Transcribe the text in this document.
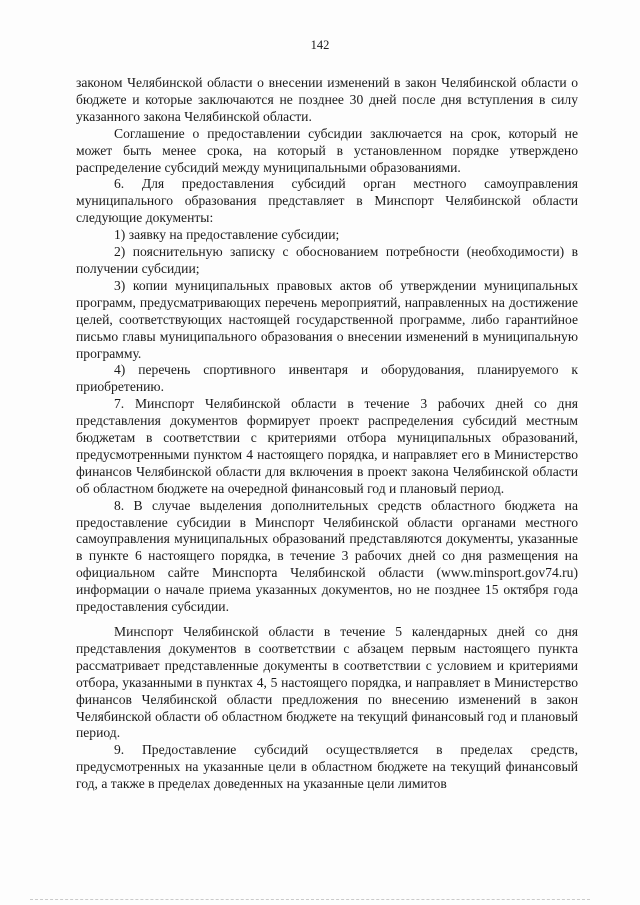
142

законом Челябинской области о внесении изменений в закон Челябинской области о бюджете и которые заключаются не позднее 30 дней после дня вступления в силу указанного закона Челябинской области.

Соглашение о предоставлении субсидии заключается на срок, который не может быть менее срока, на который в установленном порядке утверждено распределение субсидий между муниципальными образованиями.

6. Для предоставления субсидий орган местного самоуправления муниципального образования представляет в Минспорт Челябинской области следующие документы:

1) заявку на предоставление субсидии;

2) пояснительную записку с обоснованием потребности (необходимости) в получении субсидии;

3) копии муниципальных правовых актов об утверждении муниципальных программ, предусматривающих перечень мероприятий, направленных на достижение целей, соответствующих настоящей государственной программе, либо гарантийное письмо главы муниципального образования о внесении изменений в муниципальную программу.

4) перечень спортивного инвентаря и оборудования, планируемого к приобретению.

7. Минспорт Челябинской области в течение 3 рабочих дней со дня представления документов формирует проект распределения субсидий местным бюджетам в соответствии с критериями отбора муниципальных образований, предусмотренными пунктом 4 настоящего порядка, и направляет его в Министерство финансов Челябинской области для включения в проект закона Челябинской области об областном бюджете на очередной финансовый год и плановый период.

8. В случае выделения дополнительных средств областного бюджета на предоставление субсидии в Минспорт Челябинской области органами местного самоуправления муниципальных образований представляются документы, указанные в пункте 6 настоящего порядка, в течение 3 рабочих дней со дня размещения на официальном сайте Минспорта Челябинской области (www.minsport.gov74.ru) информации о начале приема указанных документов, но не позднее 15 октября года предоставления субсидии.

Минспорт Челябинской области в течение 5 календарных дней со дня представления документов в соответствии с абзацем первым настоящего пункта рассматривает представленные документы в соответствии с условием и критериями отбора, указанными в пунктах 4, 5 настоящего порядка, и направляет в Министерство финансов Челябинской области предложения по внесению изменений в закон Челябинской области об областном бюджете на текущий финансовый год и плановый период.

9. Предоставление субсидий осуществляется в пределах средств, предусмотренных на указанные цели в областном бюджете на текущий финансовый год, а также в пределах доведенных на указанные цели лимитов
